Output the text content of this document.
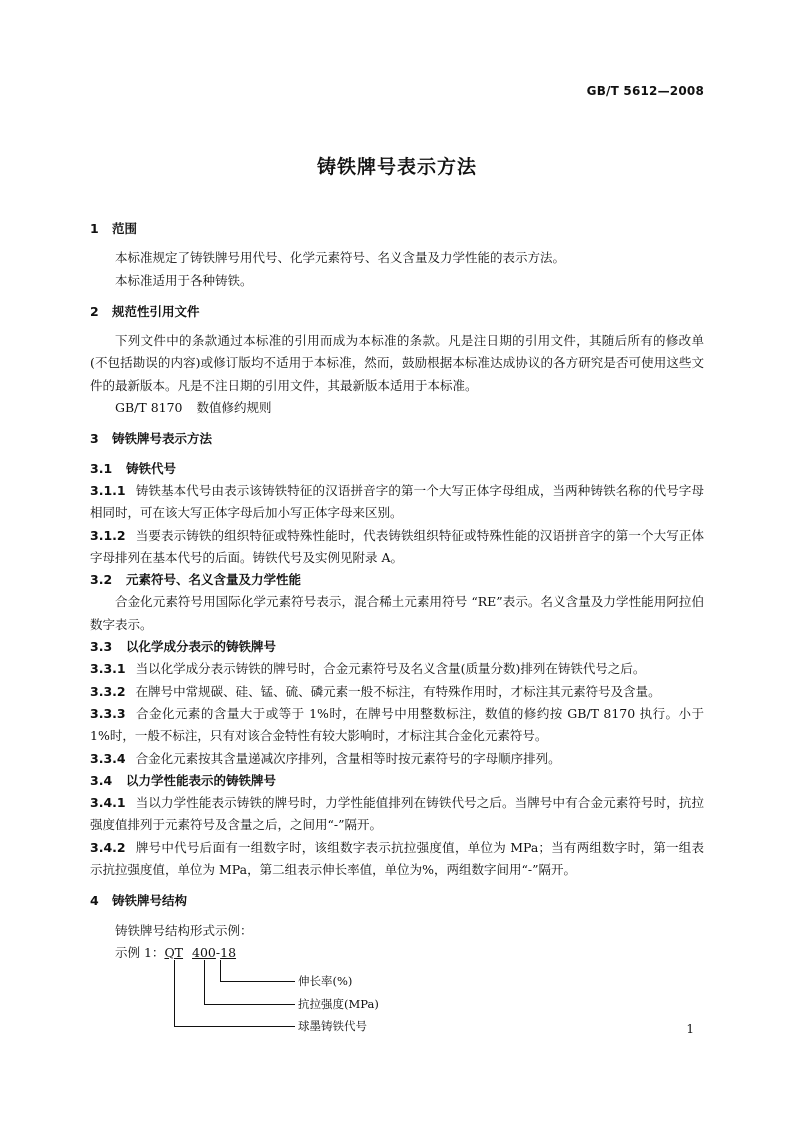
GB/T 5612—2008
铸铁牌号表示方法
1 范围

本标准规定了铸铁牌号用代号、化学元素符号、名义含量及力学性能的表示方法。

本标准适用于各种铸铁。

2 规范性引用文件

下列文件中的条款通过本标准的引用而成为本标准的条款。凡是注日期的引用文件，其随后所有的修改单(不包括勘误的内容)或修订版均不适用于本标准，然而，鼓励根据本标准达成协议的各方研究是否可使用这些文件的最新版本。凡是不注日期的引用文件，其最新版本适用于本标准。

GB/T 8170 数值修约规则

3 铸铁牌号表示方法
3.1 铸铁代号

3.1.1 铸铁基本代号由表示该铸铁特征的汉语拼音字的第一个大写正体字母组成，当两种铸铁名称的代号字母相同时，可在该大写正体字母后加小写正体字母来区别。

3.1.2 当要表示铸铁的组织特征或特殊性能时，代表铸铁组织特征或特殊性能的汉语拼音字的第一个大写正体字母排列在基本代号的后面。铸铁代号及实例见附录 A。

3.2 元素符号、名义含量及力学性能

合金化元素符号用国际化学元素符号表示，混合稀土元素用符号 “RE”表示。名义含量及力学性能用阿拉伯数字表示。

3.3 以化学成分表示的铸铁牌号

3.3.1 当以化学成分表示铸铁的牌号时，合金元素符号及名义含量(质量分数)排列在铸铁代号之后。

3.3.2 在牌号中常规碳、硅、锰、硫、磷元素一般不标注，有特殊作用时，才标注其元素符号及含量。

3.3.3 合金化元素的含量大于或等于 1%时，在牌号中用整数标注，数值的修约按 GB/T 8170 执行。小于 1%时，一般不标注，只有对该合金特性有较大影响时，才标注其合金化元素符号。

3.3.4 合金化元素按其含量递减次序排列，含量相等时按元素符号的字母顺序排列。

3.4 以力学性能表示的铸铁牌号

3.4.1 当以力学性能表示铸铁的牌号时，力学性能值排列在铸铁代号之后。当牌号中有合金元素符号时，抗拉强度值排列于元素符号及含量之后，之间用“-”隔开。

3.4.2 牌号中代号后面有一组数字时，该组数字表示抗拉强度值，单位为 MPa；当有两组数字时，第一组表示抗拉强度值，单位为 MPa，第二组表示伸长率值，单位为%，两组数字间用“-”隔开。

4 铸铁牌号结构
铸铁牌号结构形式示例：
示例 1：QT 400-18
伸长率(%)
抗拉强度(MPa)
球墨铸铁代号	1
